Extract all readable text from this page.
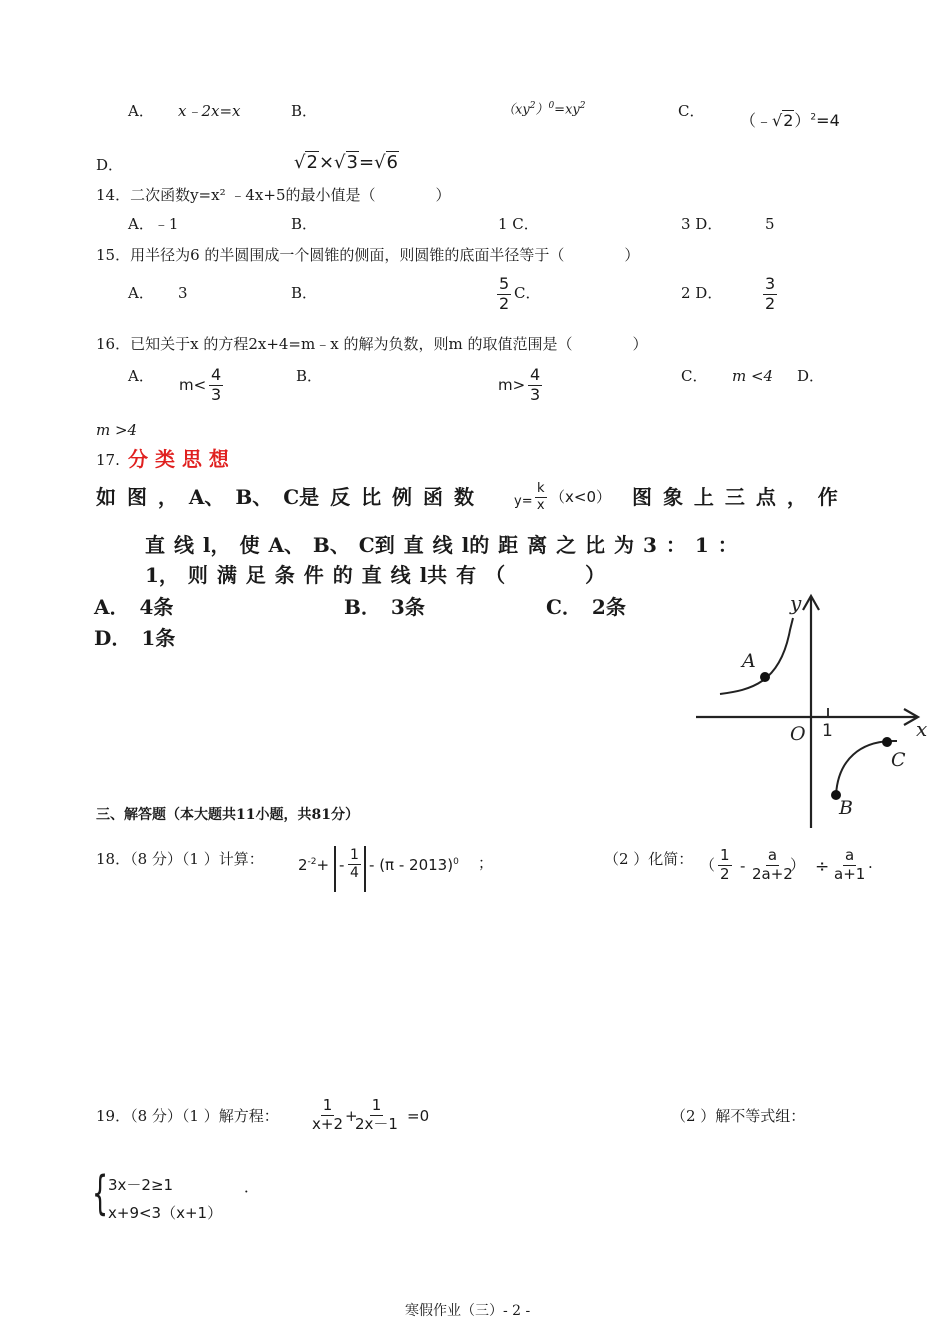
A． x﹣2x=x	B．	$(xy^2)^0=xy^2$	C． （﹣√2）$^2$=4
D．	√2×√3=√6
14．二次函数y=x² ﹣4x+5的最小值是（　　　　）
A．﹣1	B．	1 C．	3 D．	5
15．用半径为6 的半圆围成一个圆锥的侧面，则圆锥的底面半径等于（　　　　）
A． 3	B．	$\frac{5}{2}$ C．	2 D．	$\frac{3}{2}$
16．已知关于x 的方程2x+4=m﹣x 的解为负数，则m 的取值范围是（　　　　）
A． $m< \frac{4}{3}$	B．	$m> \frac{4}{3}$	C． m <4 D．
m >4
17. 分 类 思 想
如 图 ， A、 B、 C是 反 比 例 函 数	$y= \frac{k}{x} (x<0)$ 图 象 上 三 点 ， 作
直 线 l， 使 A、 B、 C到 直 线 l的 距 离 之 比 为 3 ： 1 ：
1， 则 满 足 条 件 的 直 线 l共 有 （　　　　）
A．　4条	B．　3条	C．　2条
D．　1条
y
x
O 1
A
B
C
三、解答题（本大题共11小题，共81分）
18．（8 分）（1 ）计算： $2^{-2}+ - \frac{1}{4} - (\pi - 2013)^0$ ；	（2 ）化简： （ $\frac{1}{2} - \frac{a}{2a+2}$
） ÷ $\frac{a}{a+1}$ .
19．（8 分）（1 ）解方程： $\frac{1}{x+2}$ +
$\frac{1}{2x-1} =0$	（2 ）解不等式组：
{ 3x－2≥1
x+9<3（x+1）
．
寒假作业（三）- 2 -
